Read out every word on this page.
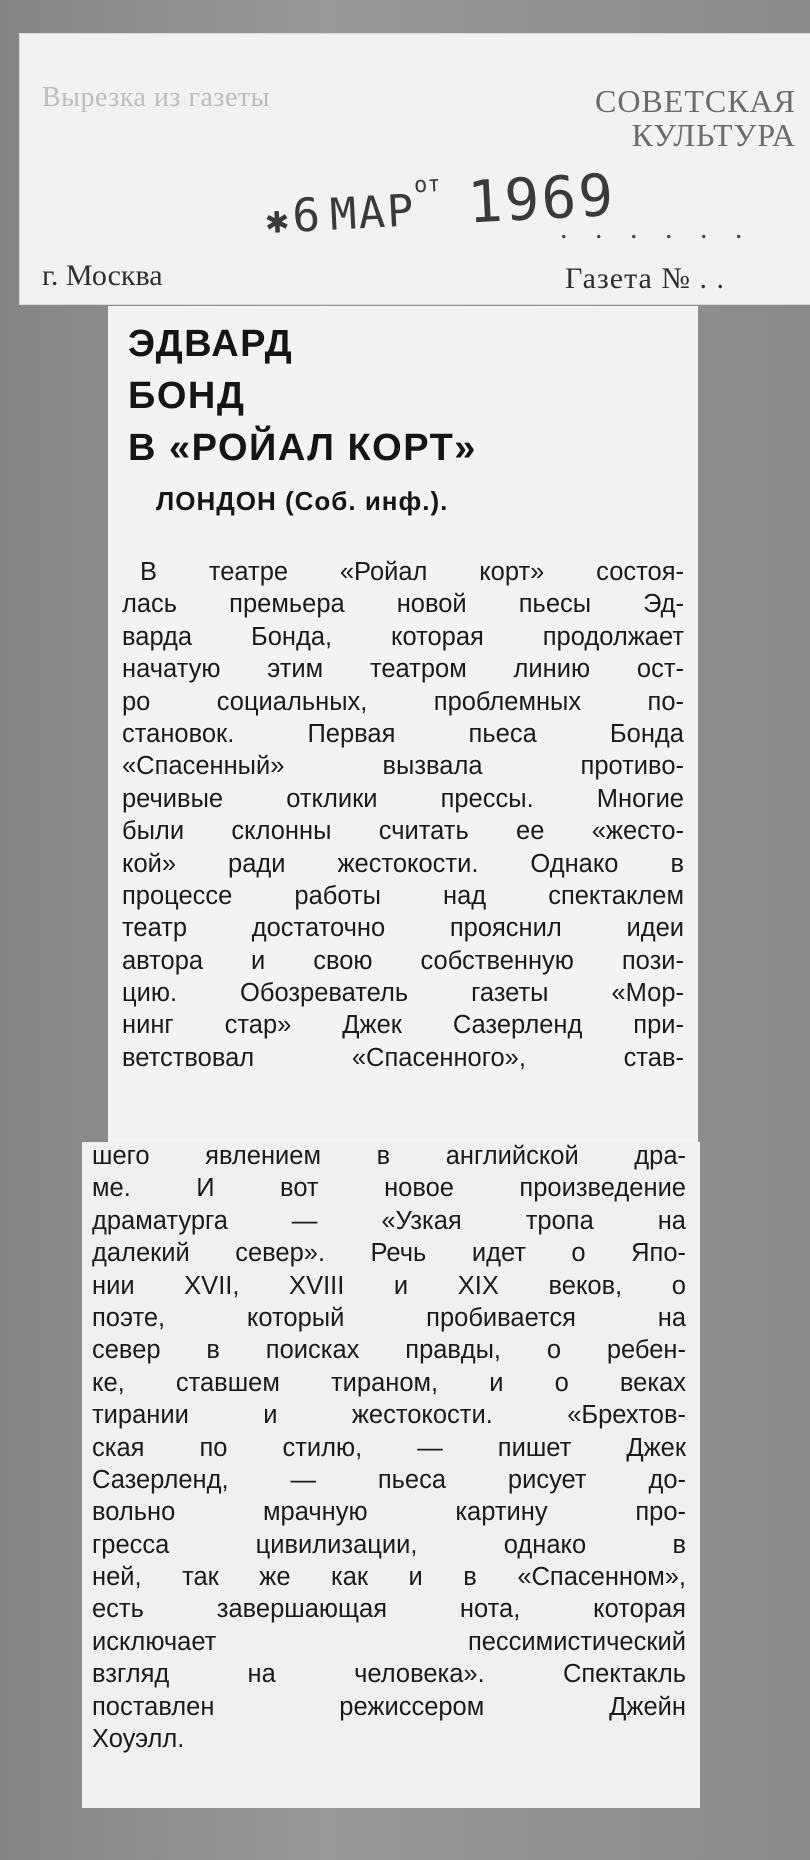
Вырезка из газеты	СОВЕТСКАЯ
КУЛЬТУРА
. . . . . .
г. Москва	Газета № . .
✱6 МАРот 1969
ЭДВАРД
БОНД
В «РОЙАЛ КОРТ»
ЛОНДОН (Соб. инф.).
В театре «Ройал корт» состоя-
лась премьера новой пьесы Эд-
варда Бонда, которая продолжает
начатую этим театром линию ост-
ро социальных, проблемных по-
становок. Первая пьеса Бонда
«Спасенный» вызвала противо-
речивые отклики прессы. Многие
были склонны считать ее «жесто-
кой» ради жестокости. Однако в
процессе работы над спектаклем
театр достаточно прояснил идеи
автора и свою собственную пози-
цию. Обозреватель газеты «Мор-
нинг стар» Джек Сазерленд при-
ветствовал «Спасенного», став-
шего явлением в английской дра-
ме. И вот новое произведение
драматурга — «Узкая тропа на
далекий север». Речь идет о Япо-
нии XVII, XVIII и XIX веков, о
поэте, который пробивается на
север в поисках правды, о ребен-
ке, ставшем тираном, и о веках
тирании и жестокости. «Брехтов-
ская по стилю, — пишет Джек
Сазерленд, — пьеса рисует до-
вольно мрачную картину про-
гресса цивилизации, однако в
ней, так же как и в «Спасенном»,
есть завершающая нота, которая
исключает пессимистический
взгляд на человека». Спектакль
поставлен режиссером Джейн
Хоуэлл.
